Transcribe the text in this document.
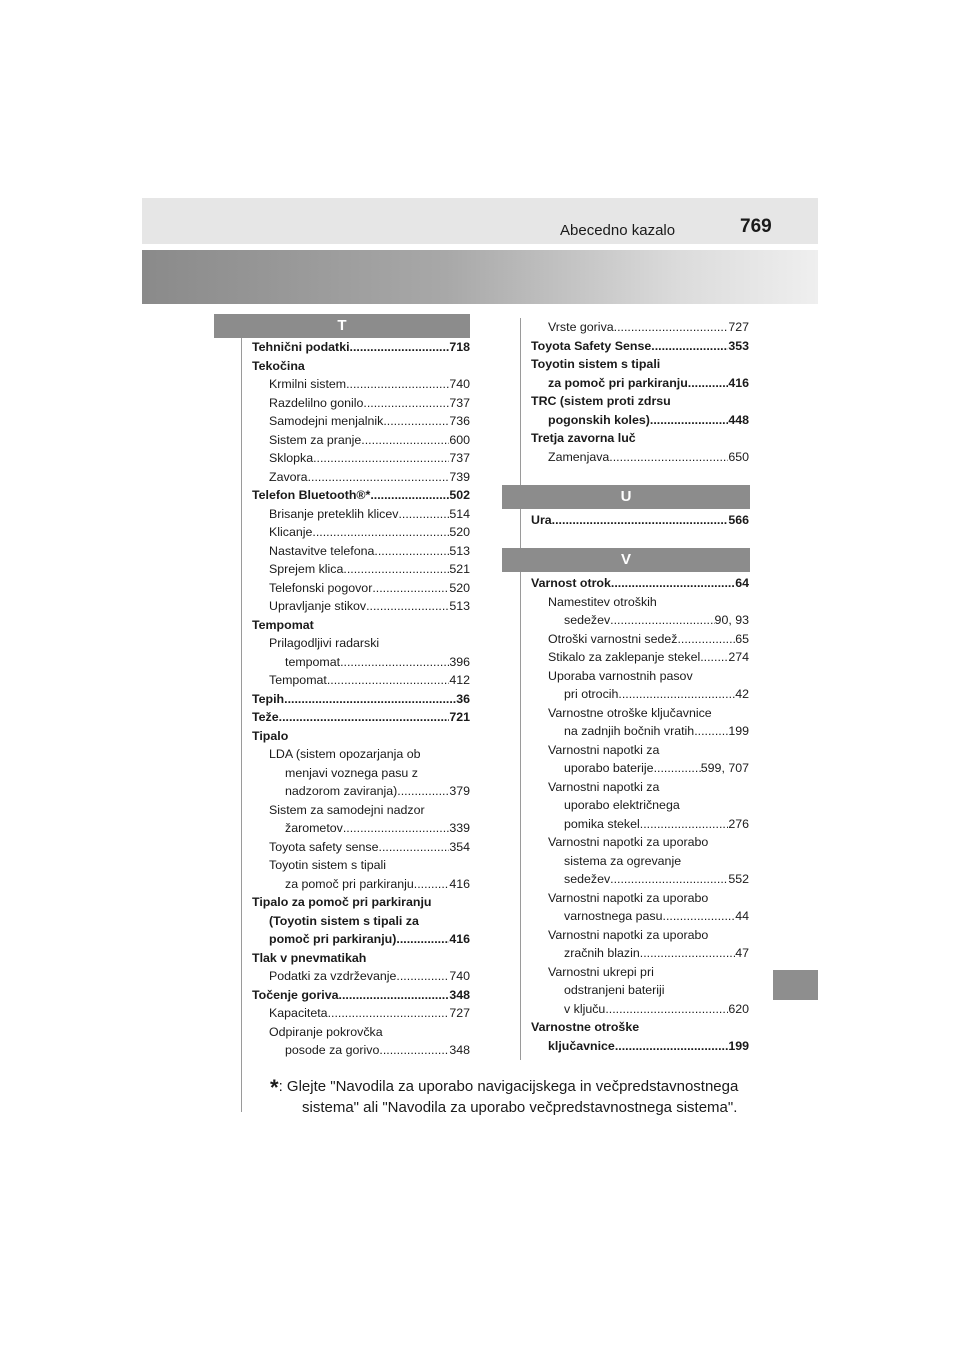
Abecedno kazalo	769
T
U
V
Tehnični podatki .....	718
Tekočina
Krmilni sistem .....	740
Razdelilno gonilo .....	737
Samodejni menjalnik .....	736
Sistem za pranje .....	600
Sklopka .....	737
Zavora .....	739
Telefon Bluetooth®* .....	502
Brisanje preteklih klicev .....	514
Klicanje .....	520
Nastavitve telefona .....	513
Sprejem klica .....	521
Telefonski pogovor .....	520
Upravljanje stikov .....	513
Tempomat
Prilagodljivi radarski
tempomat .....	396
Tempomat .....	412
Tepih .....	36
Teže .....	721
Tipalo
LDA (sistem opozarjanja ob
menjavi voznega pasu z
nadzorom zaviranja) .....	379
Sistem za samodejni nadzor
žarometov .....	339
Toyota safety sense .....	354
Toyotin sistem s tipali
za pomoč pri parkiranju .....	416
Tipalo za pomoč pri parkiranju
(Toyotin sistem s tipali za
pomoč pri parkiranju) .....	416
Tlak v pnevmatikah
Podatki za vzdrževanje .....	740
Točenje goriva .....	348
Kapaciteta .....	727
Odpiranje pokrovčka
posode za gorivo .....	348
Vrste goriva .....	727
Toyota Safety Sense .....	353
Toyotin sistem s tipali
za pomoč pri parkiranju .....	416
TRC (sistem proti zdrsu
pogonskih koles) .....	448
Tretja zavorna luč
Zamenjava .....	650
Ura .....	566
Varnost otrok .....	64
Namestitev otroških
sedežev .....	90, 93
Otroški varnostni sedež .....	65
Stikalo za zaklepanje stekel. ..... 274
Uporaba varnostnih pasov
pri otrocih .....	42
Varnostne otroške ključavnice
na zadnjih bočnih vratih .....	199
Varnostni napotki za
uporabo baterije .....	599, 707
Varnostni napotki za
uporabo električnega
pomika stekel .....	276
Varnostni napotki za uporabo
sistema za ogrevanje
sedežev .....	552
Varnostni napotki za uporabo
varnostnega pasu .....	44
Varnostni napotki za uporabo
zračnih blazin .....	47
Varnostni ukrepi pri
odstranjeni bateriji
v ključu .....	620
Varnostne otroške
ključavnice .....	199
*: Glejte "Navodila za uporabo navigacijskega in večpredstavnostnega
sistema" ali "Navodila za uporabo večpredstavnostnega sistema".
